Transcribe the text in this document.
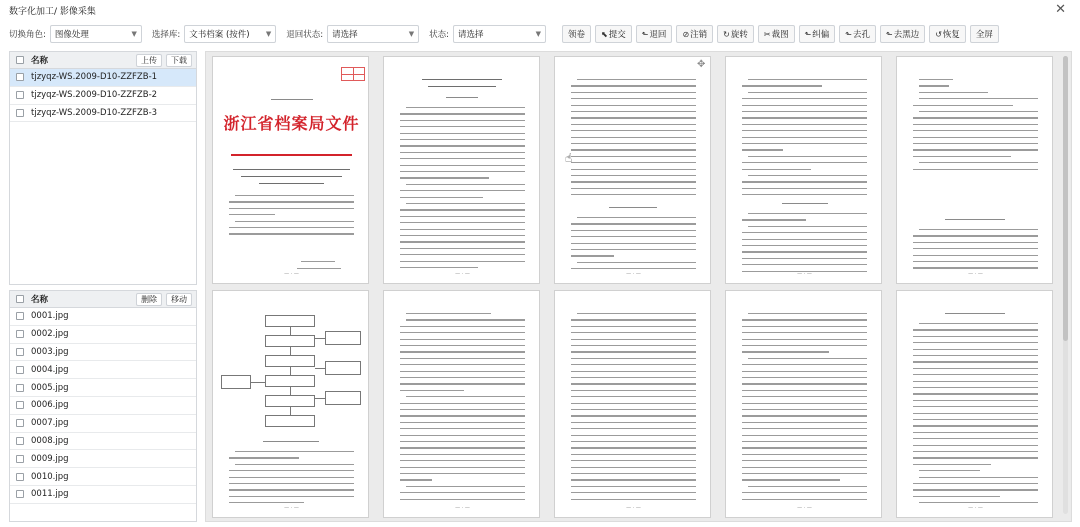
数字化加工/ 影像采集	✕
切换角色: 图像处理	▼ 选择库: 文书档案 (按件) ▼ 退回状态: 请选择	▼ 状态: 请选择	▼	领卷 ⬉ 提交 ⬑ 退回 ⊘ 注销 ↻ 旋转 ✂ 裁图 ⬑ 纠偏 ⬑ 去孔 ⬑ 去黑边 ↺ 恢复 全屏
名称	上传	下载
tjzyqz-WS.2009-D10-ZZFZB-1
tjzyqz-WS.2009-D10-ZZFZB-2
tjzyqz-WS.2009-D10-ZZFZB-3
名称	删除	移动
0001.jpg
0002.jpg
0003.jpg
0004.jpg
0005.jpg
0006.jpg
0007.jpg
0008.jpg
0009.jpg
0010.jpg
0011.jpg
浙江省档案局文件
— · —	— · —	— · —	— · —	— · —
— · —	— · —	— · —	— · —	— · —
✥
☝
